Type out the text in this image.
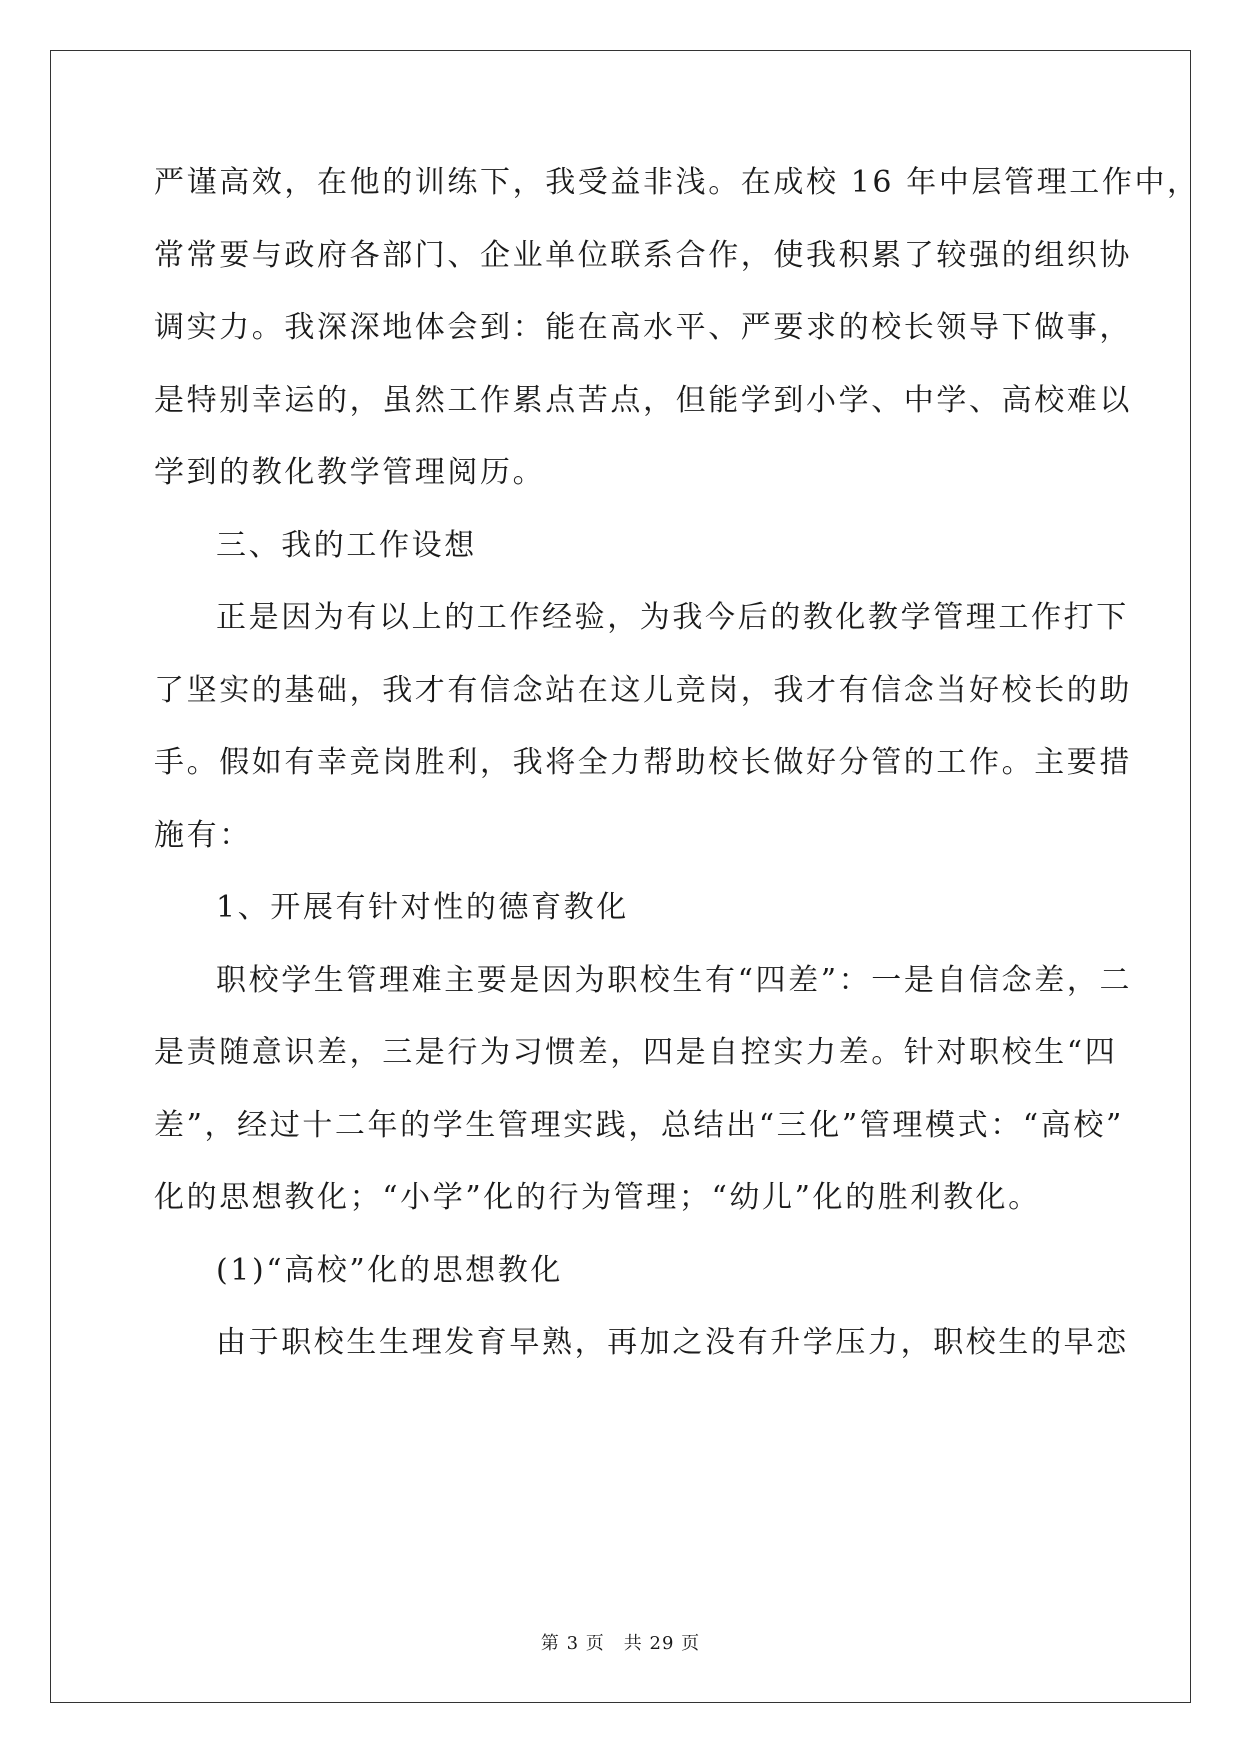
严谨高效，在他的训练下，我受益非浅。在成校 16 年中层管理工作中，
常常要与政府各部门、企业单位联系合作，使我积累了较强的组织协
调实力。我深深地体会到：能在高水平、严要求的校长领导下做事，
是特别幸运的，虽然工作累点苦点，但能学到小学、中学、高校难以
学到的教化教学管理阅历。
三、我的工作设想
正是因为有以上的工作经验，为我今后的教化教学管理工作打下
了坚实的基础，我才有信念站在这儿竞岗，我才有信念当好校长的助
手。假如有幸竞岗胜利，我将全力帮助校长做好分管的工作。主要措
施有：
1、开展有针对性的德育教化
职校学生管理难主要是因为职校生有“四差”：一是自信念差，二
是责随意识差，三是行为习惯差，四是自控实力差。针对职校生“四
差”，经过十二年的学生管理实践，总结出“三化”管理模式：“高校”
化的思想教化；“小学”化的行为管理；“幼儿”化的胜利教化。
(1)“高校”化的思想教化
由于职校生生理发育早熟，再加之没有升学压力，职校生的早恋
第 3 页　共 29 页
